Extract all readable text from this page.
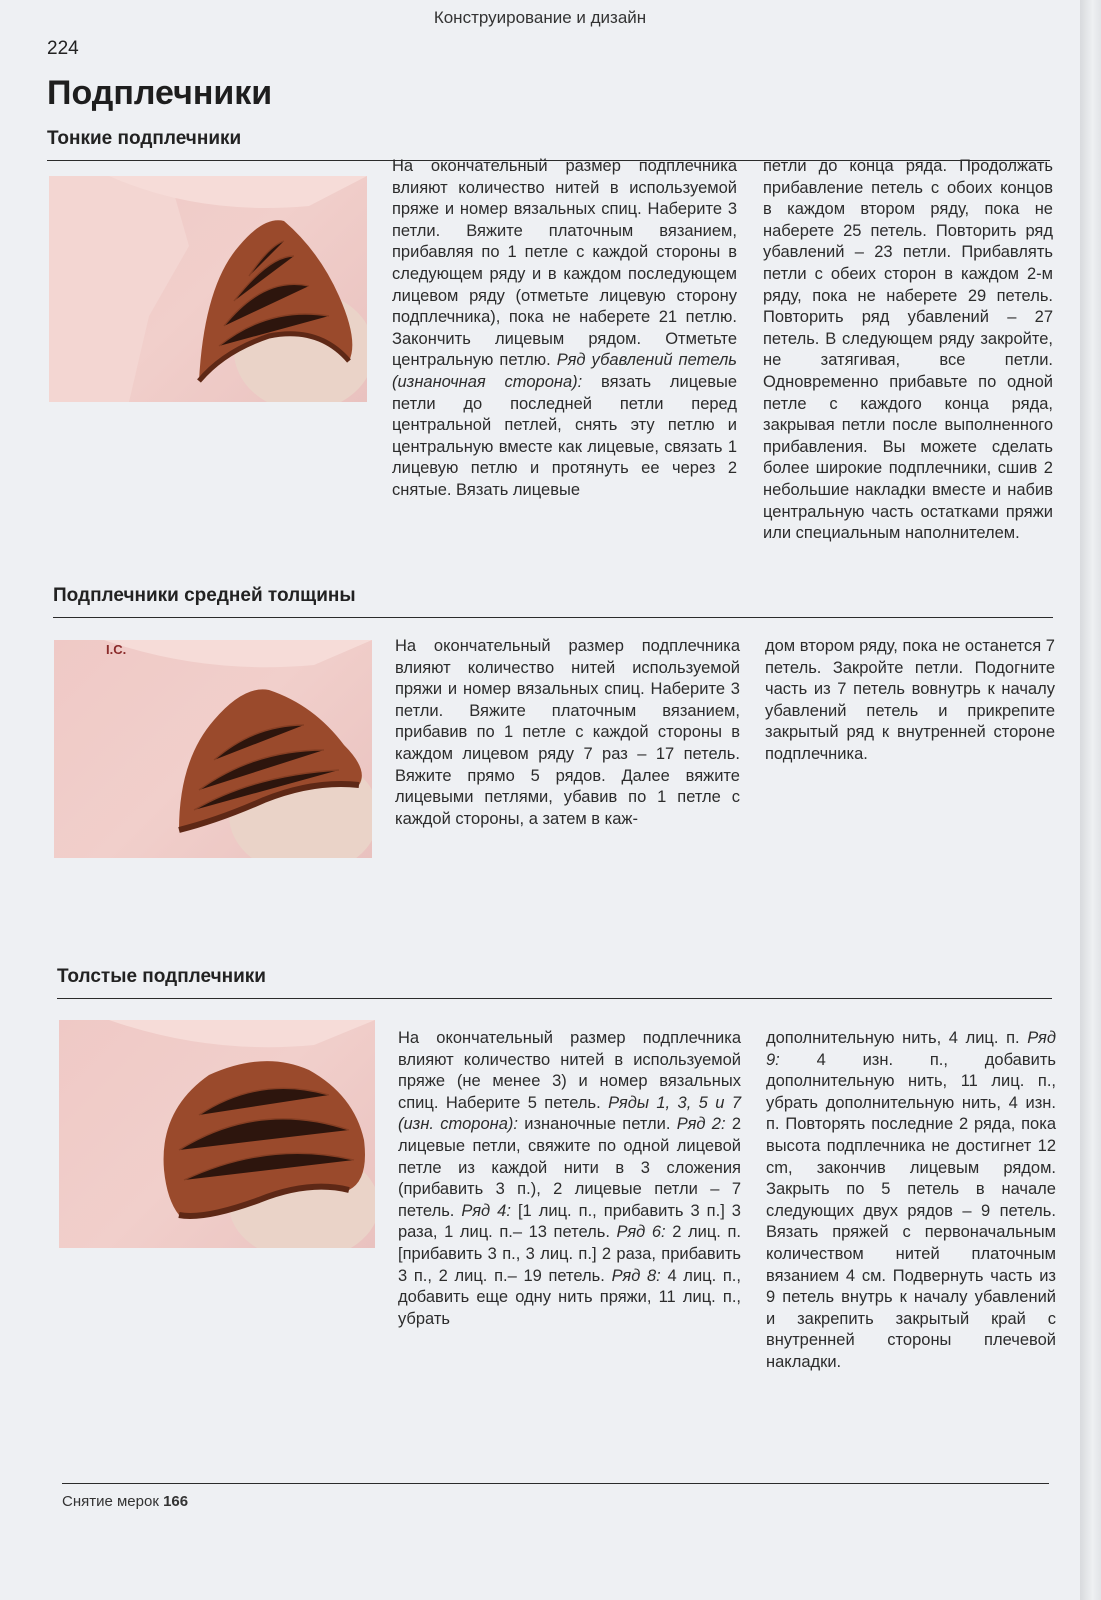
Конструирование и дизайн
224
Подплечники
Тонкие подплечники
На окончательный размер подплечника влияют количество нитей в используемой пряже и номер вязальных спиц. Наберите 3 петли. Вяжите платочным вязанием, прибавляя по 1 петле с каждой стороны в следующем ряду и в каждом последующем лицевом ряду (отметьте лицевую сторону подплечника), пока не наберете 21 петлю. Закончить лицевым рядом. Отметьте центральную петлю. Ряд убавлений петель (изнаночная сторона): вязать лицевые петли до последней петли перед центральной петлей, снять эту петлю и центральную вместе как лицевые, связать 1 лицевую петлю и протянуть ее через 2 снятые. Вязать лицевые
петли до конца ряда. Продолжать прибавление петель с обоих концов в каждом втором ряду, пока не наберете 25 петель. Повторить ряд убавлений – 23 петли. Прибавлять петли с обеих сторон в каждом 2-м ряду, пока не наберете 29 петель. Повторить ряд убавлений – 27 петель. В следующем ряду закройте, не затягивая, все петли. Одновременно прибавьте по одной петле с каждого конца ряда, закрывая петли после выполненного прибавления. Вы можете сделать более широкие подплечники, сшив 2 небольшие накладки вместе и набив центральную часть остатками пряжи или специальным наполнителем.
Подплечники средней толщины
I.C.	На окончательный размер подплечника влияют количество нитей используемой пряжи и номер вязальных спиц. Наберите 3 петли. Вяжите платочным вязанием, прибавив по 1 петле с каждой стороны в каждом лицевом ряду 7 раз – 17 петель. Вяжите прямо 5 рядов. Далее вяжите лицевыми петлями, убавив по 1 петле с каждой стороны, а затем в каж-
дом втором ряду, пока не останется 7 петель. Закройте петли. Подогните часть из 7 петель вовнутрь к началу убавлений петель и прикрепите закрытый ряд к внутренней стороне подплечника.
Толстые подплечники
На окончательный размер подплечника влияют количество нитей в используемой пряже (не менее 3) и номер вязальных спиц. Наберите 5 петель. Ряды 1, 3, 5 и 7 (изн. сторона): изнаночные петли. Ряд 2: 2 лицевые петли, свяжите по одной лицевой петле из каждой нити в 3 сложения (прибавить 3 п.), 2 лицевые петли – 7 петель. Ряд 4: [1 лиц. п., прибавить 3 п.] 3 раза, 1 лиц. п.– 13 петель. Ряд 6: 2 лиц. п. [прибавить 3 п., 3 лиц. п.] 2 раза, прибавить 3 п., 2 лиц. п.– 19 петель. Ряд 8: 4 лиц. п., добавить еще одну нить пряжи, 11 лиц. п., убрать
дополнительную нить, 4 лиц. п. Ряд 9: 4 изн. п., добавить дополнительную нить, 11 лиц. п., убрать дополнительную нить, 4 изн. п. Повторять последние 2 ряда, пока высота подплечника не достигнет 12 cm, закончив лицевым рядом. Закрыть по 5 петель в начале следующих двух рядов – 9 петель. Вязать пряжей с первоначальным количеством нитей платочным вязанием 4 см. Подвернуть часть из 9 петель внутрь к началу убавлений и закрепить закрытый край с внутренней стороны плечевой накладки.
Снятие мерок 166
